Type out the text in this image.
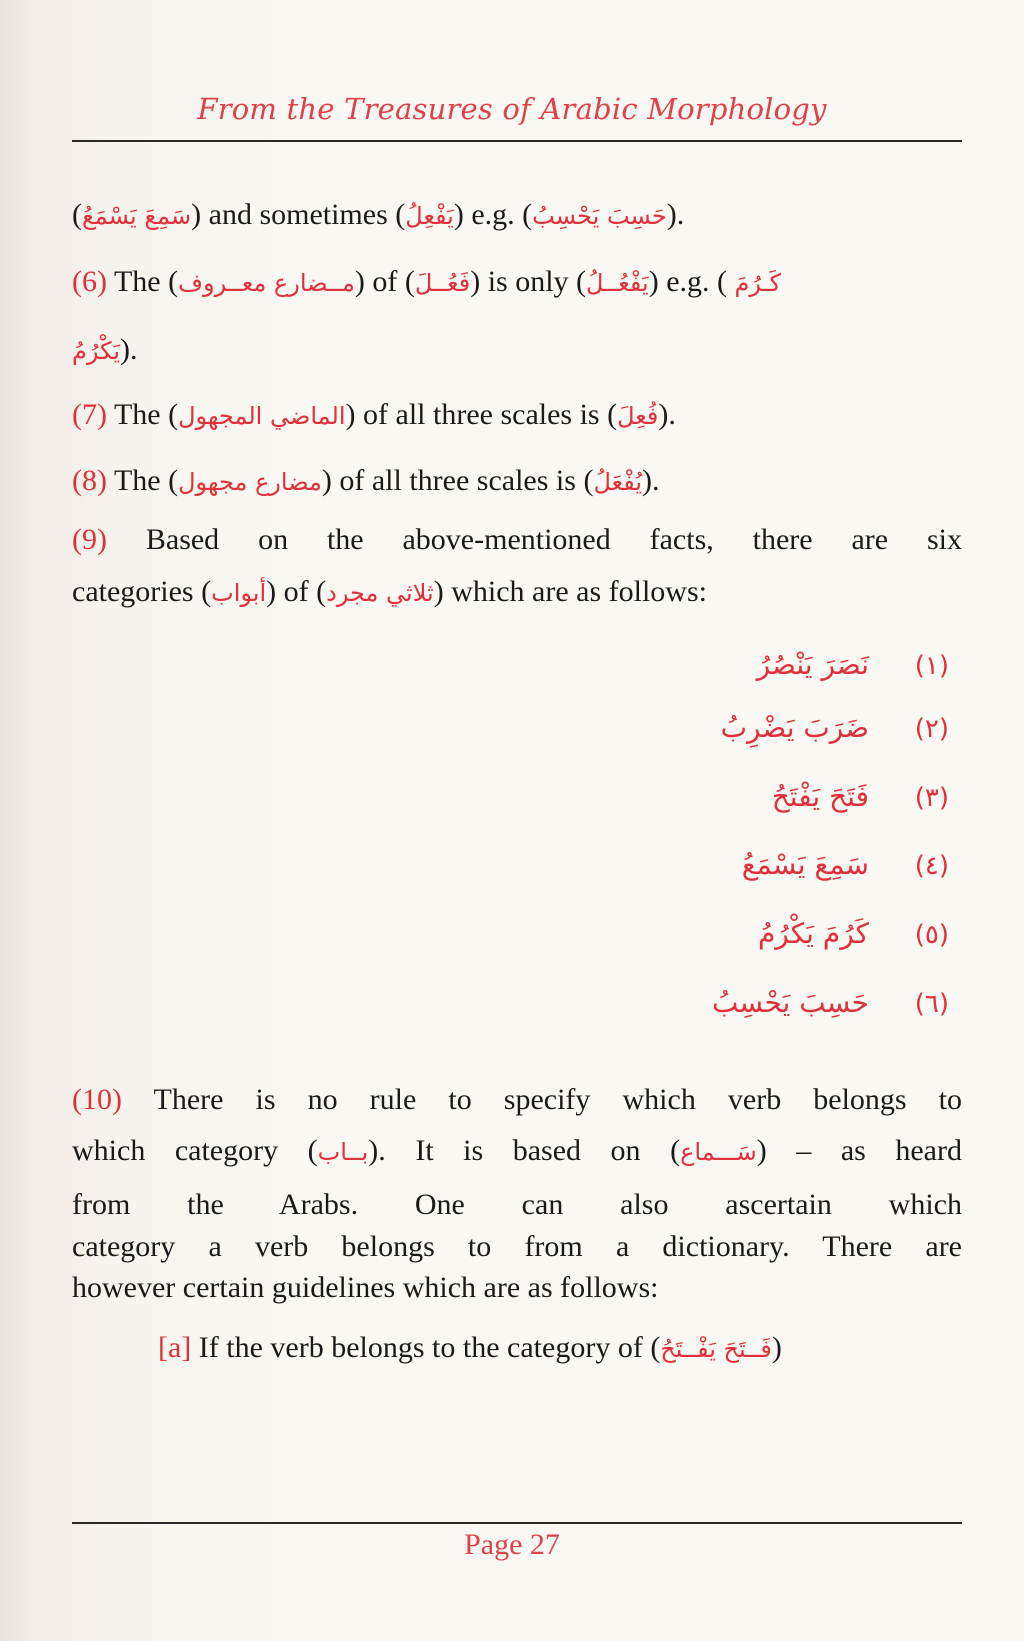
From the Treasures of Arabic Morphology
(سَمِعَ يَسْمَعُ) and sometimes (يَفْعِلُ) e.g. (حَسِبَ يَحْسِبُ).
(6) The (مــضارع معــروف) of (فَعُــلَ) is only (يَفْعُــلُ) e.g. ( كَـرُمَ
يَكْرُمُ).
(7) The (الماضي المجهول) of all three scales is (فُعِلَ).
(8) The (مضارع مجهول) of all three scales is (يُفْعَلُ).
(9) Based on the above-mentioned facts, there are six
categories (أبواب) of (ثلاثي مجرد) which are as follows:
نَصَرَ يَنْصُرُ (١)
ضَرَبَ يَضْرِبُ (٢)
فَتَحَ يَفْتَحُ (٣)
سَمِعَ يَسْمَعُ (٤)
كَرُمَ يَكْرُمُ (٥)
حَسِبَ يَحْسِبُ (٦)
(10) There is no rule to specify which verb belongs to
which category (بــاب). It is based on (سَـــماع) – as heard
from the Arabs. One can also ascertain which
category a verb belongs to from a dictionary. There are
however certain guidelines which are as follows:
[a] If the verb belongs to the category of (فَــتَحَ يَفْــتَحُ)
Page 27
